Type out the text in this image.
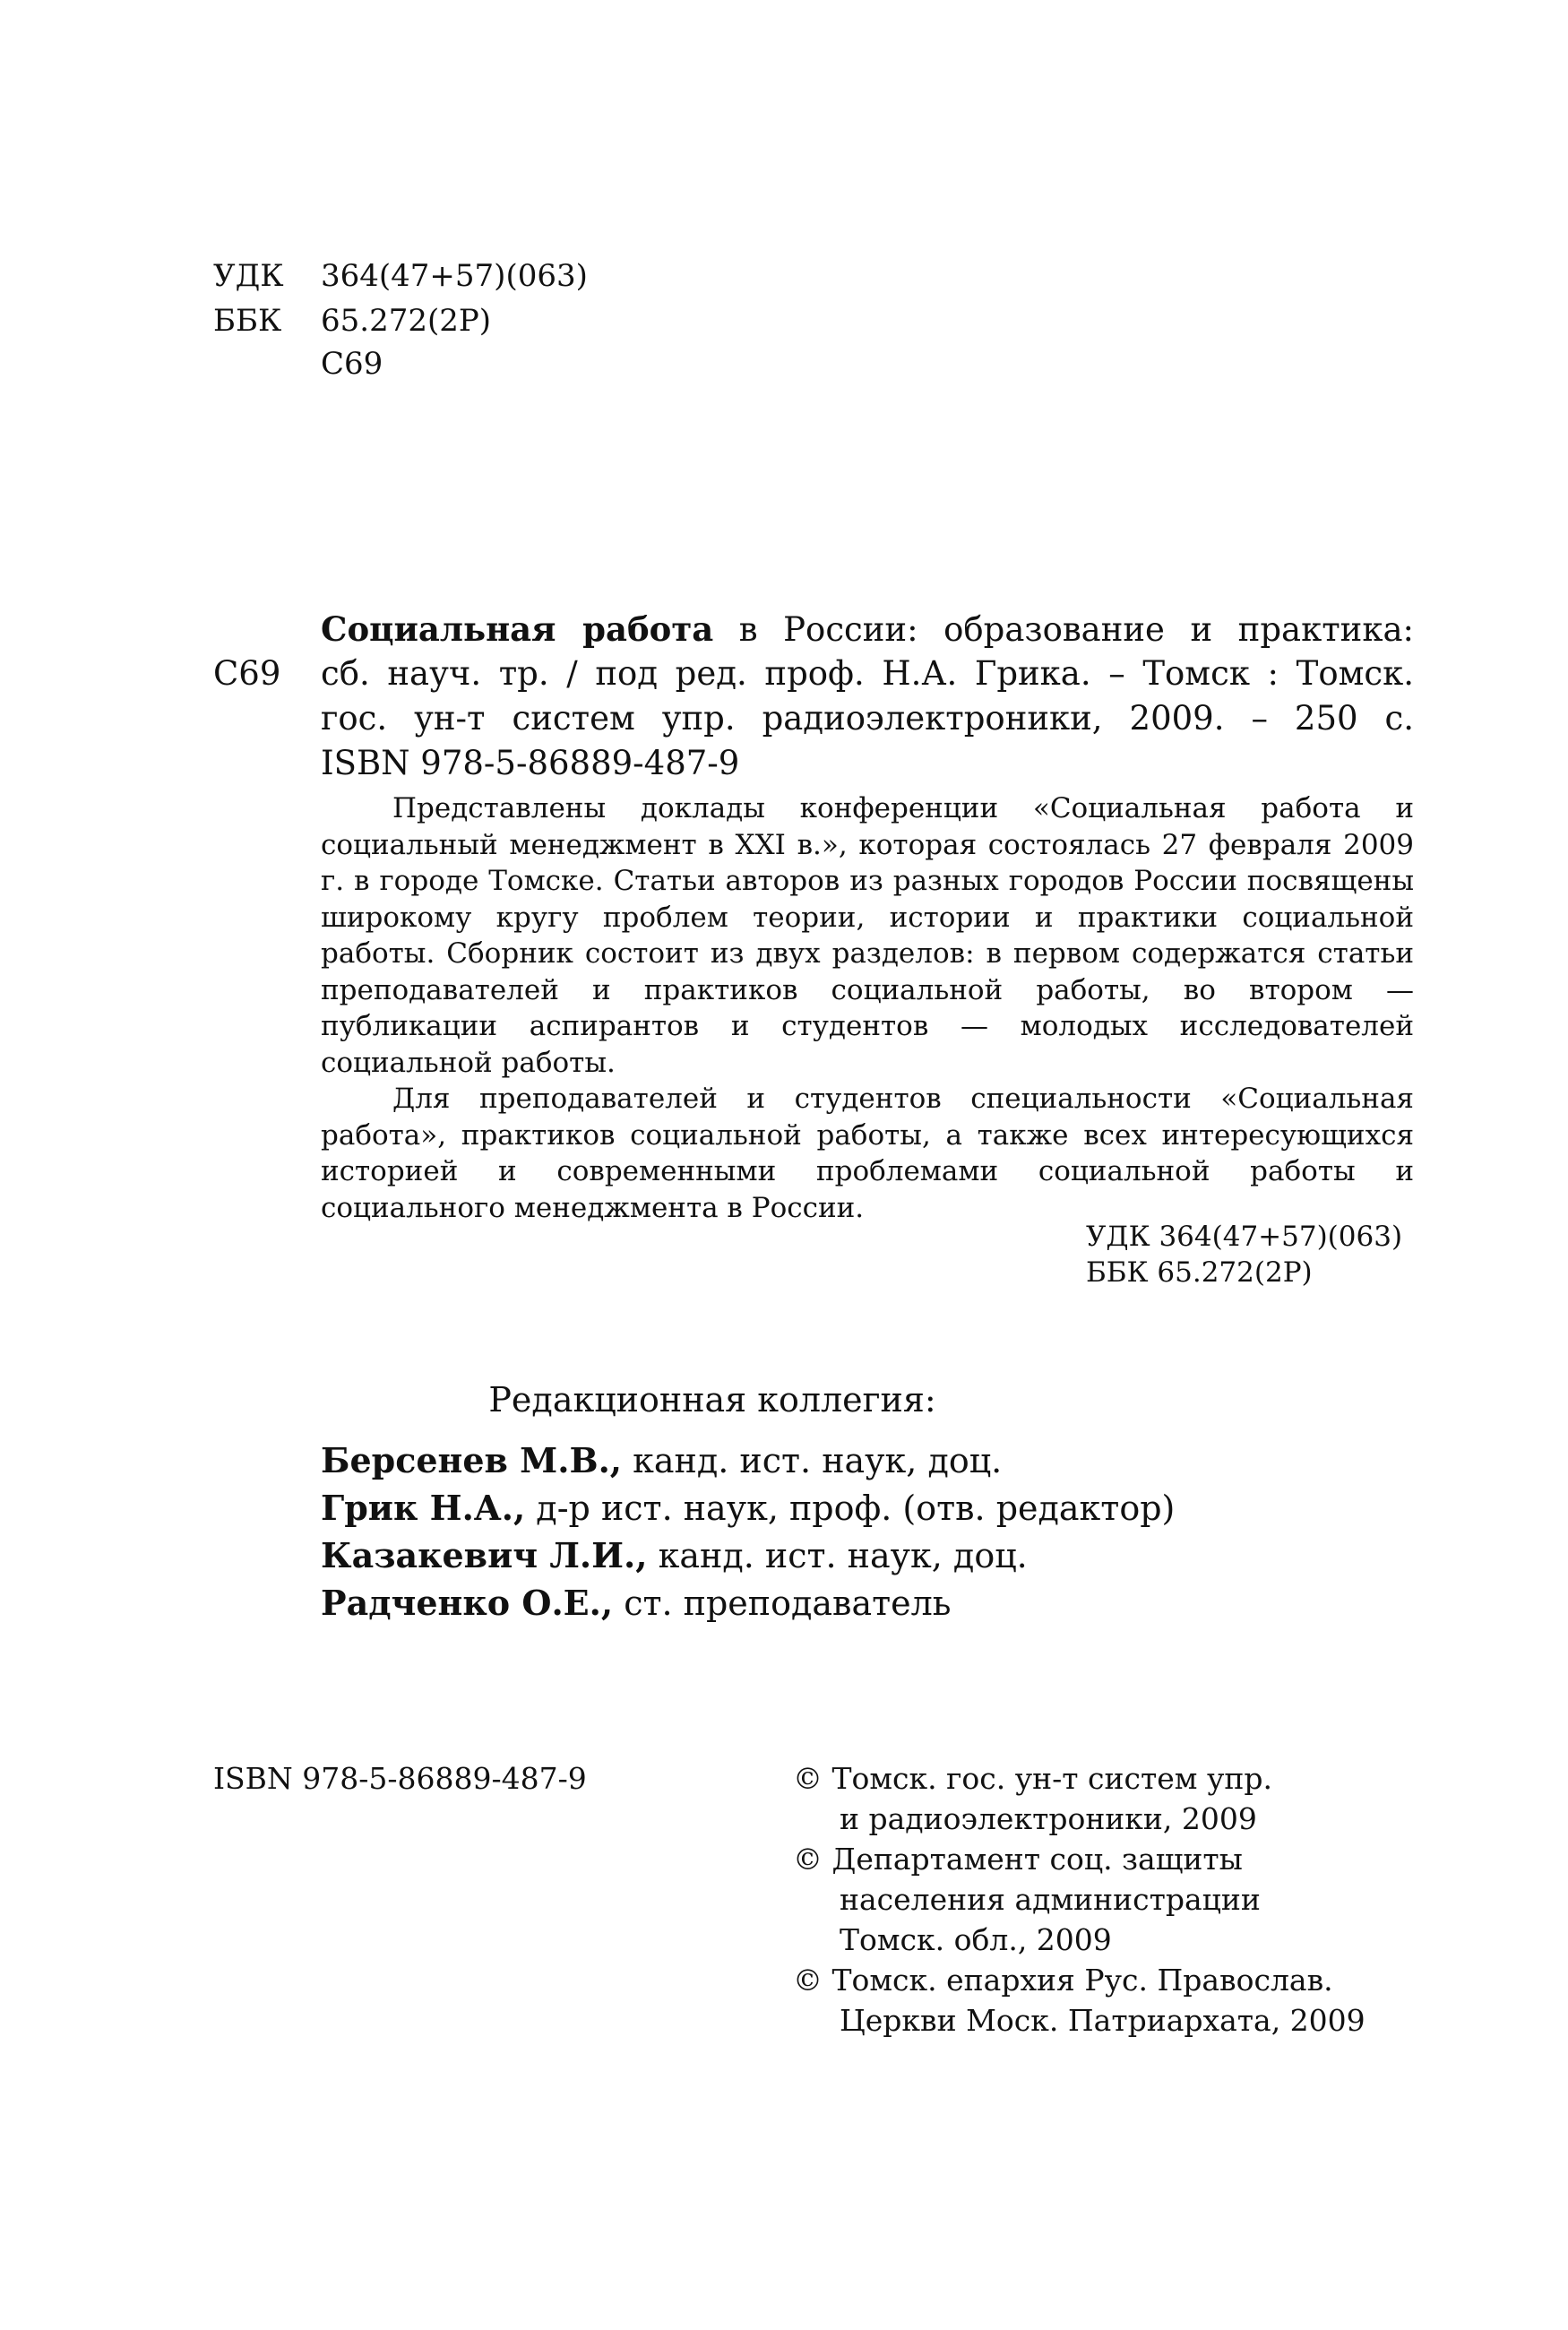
УДК 364(47+57)(063)
ББК 65.272(2Р)
С69
Социальная работа в России: образование и практика:
С69 сб. науч. тр. / под ред. проф. Н.А. Грика. – Томск : Томск.
гос. ун-т систем упр. радиоэлектроники, 2009. – 250 с.
ISBN 978-5-86889-487-9

Представлены доклады конференции «Социальная работа и социальный менеджмент в XXI в.», которая состоялась 27 февраля 2009 г. в городе Томске. Статьи авторов из разных городов России посвящены широкому кругу проблем теории, истории и практики социальной работы. Сборник состоит из двух разделов: в первом содержатся статьи преподавателей и практиков социальной работы, во втором — публикации аспирантов и студентов — молодых исследователей социальной работы.

Для преподавателей и студентов специальности «Социальная работа», практиков социальной работы, а также всех интересующихся историей и современными проблемами социальной работы и социального менеджмента в России.

УДК 364(47+57)(063)
ББК 65.272(2Р)
Редакционная коллегия:
Берсенев М.В., канд. ист. наук, доц.
Грик Н.А., д-р ист. наук, проф. (отв. редактор)
Казакевич Л.И., канд. ист. наук, доц.
Радченко О.Е., ст. преподаватель
ISBN 978-5-86889-487-9	© Томск. гос. ун-т систем упр.
и радиоэлектроники, 2009
© Департамент соц. защиты
населения администрации
Томск. обл., 2009
© Томск. епархия Рус. Православ.
Церкви Моск. Патриархата, 2009
